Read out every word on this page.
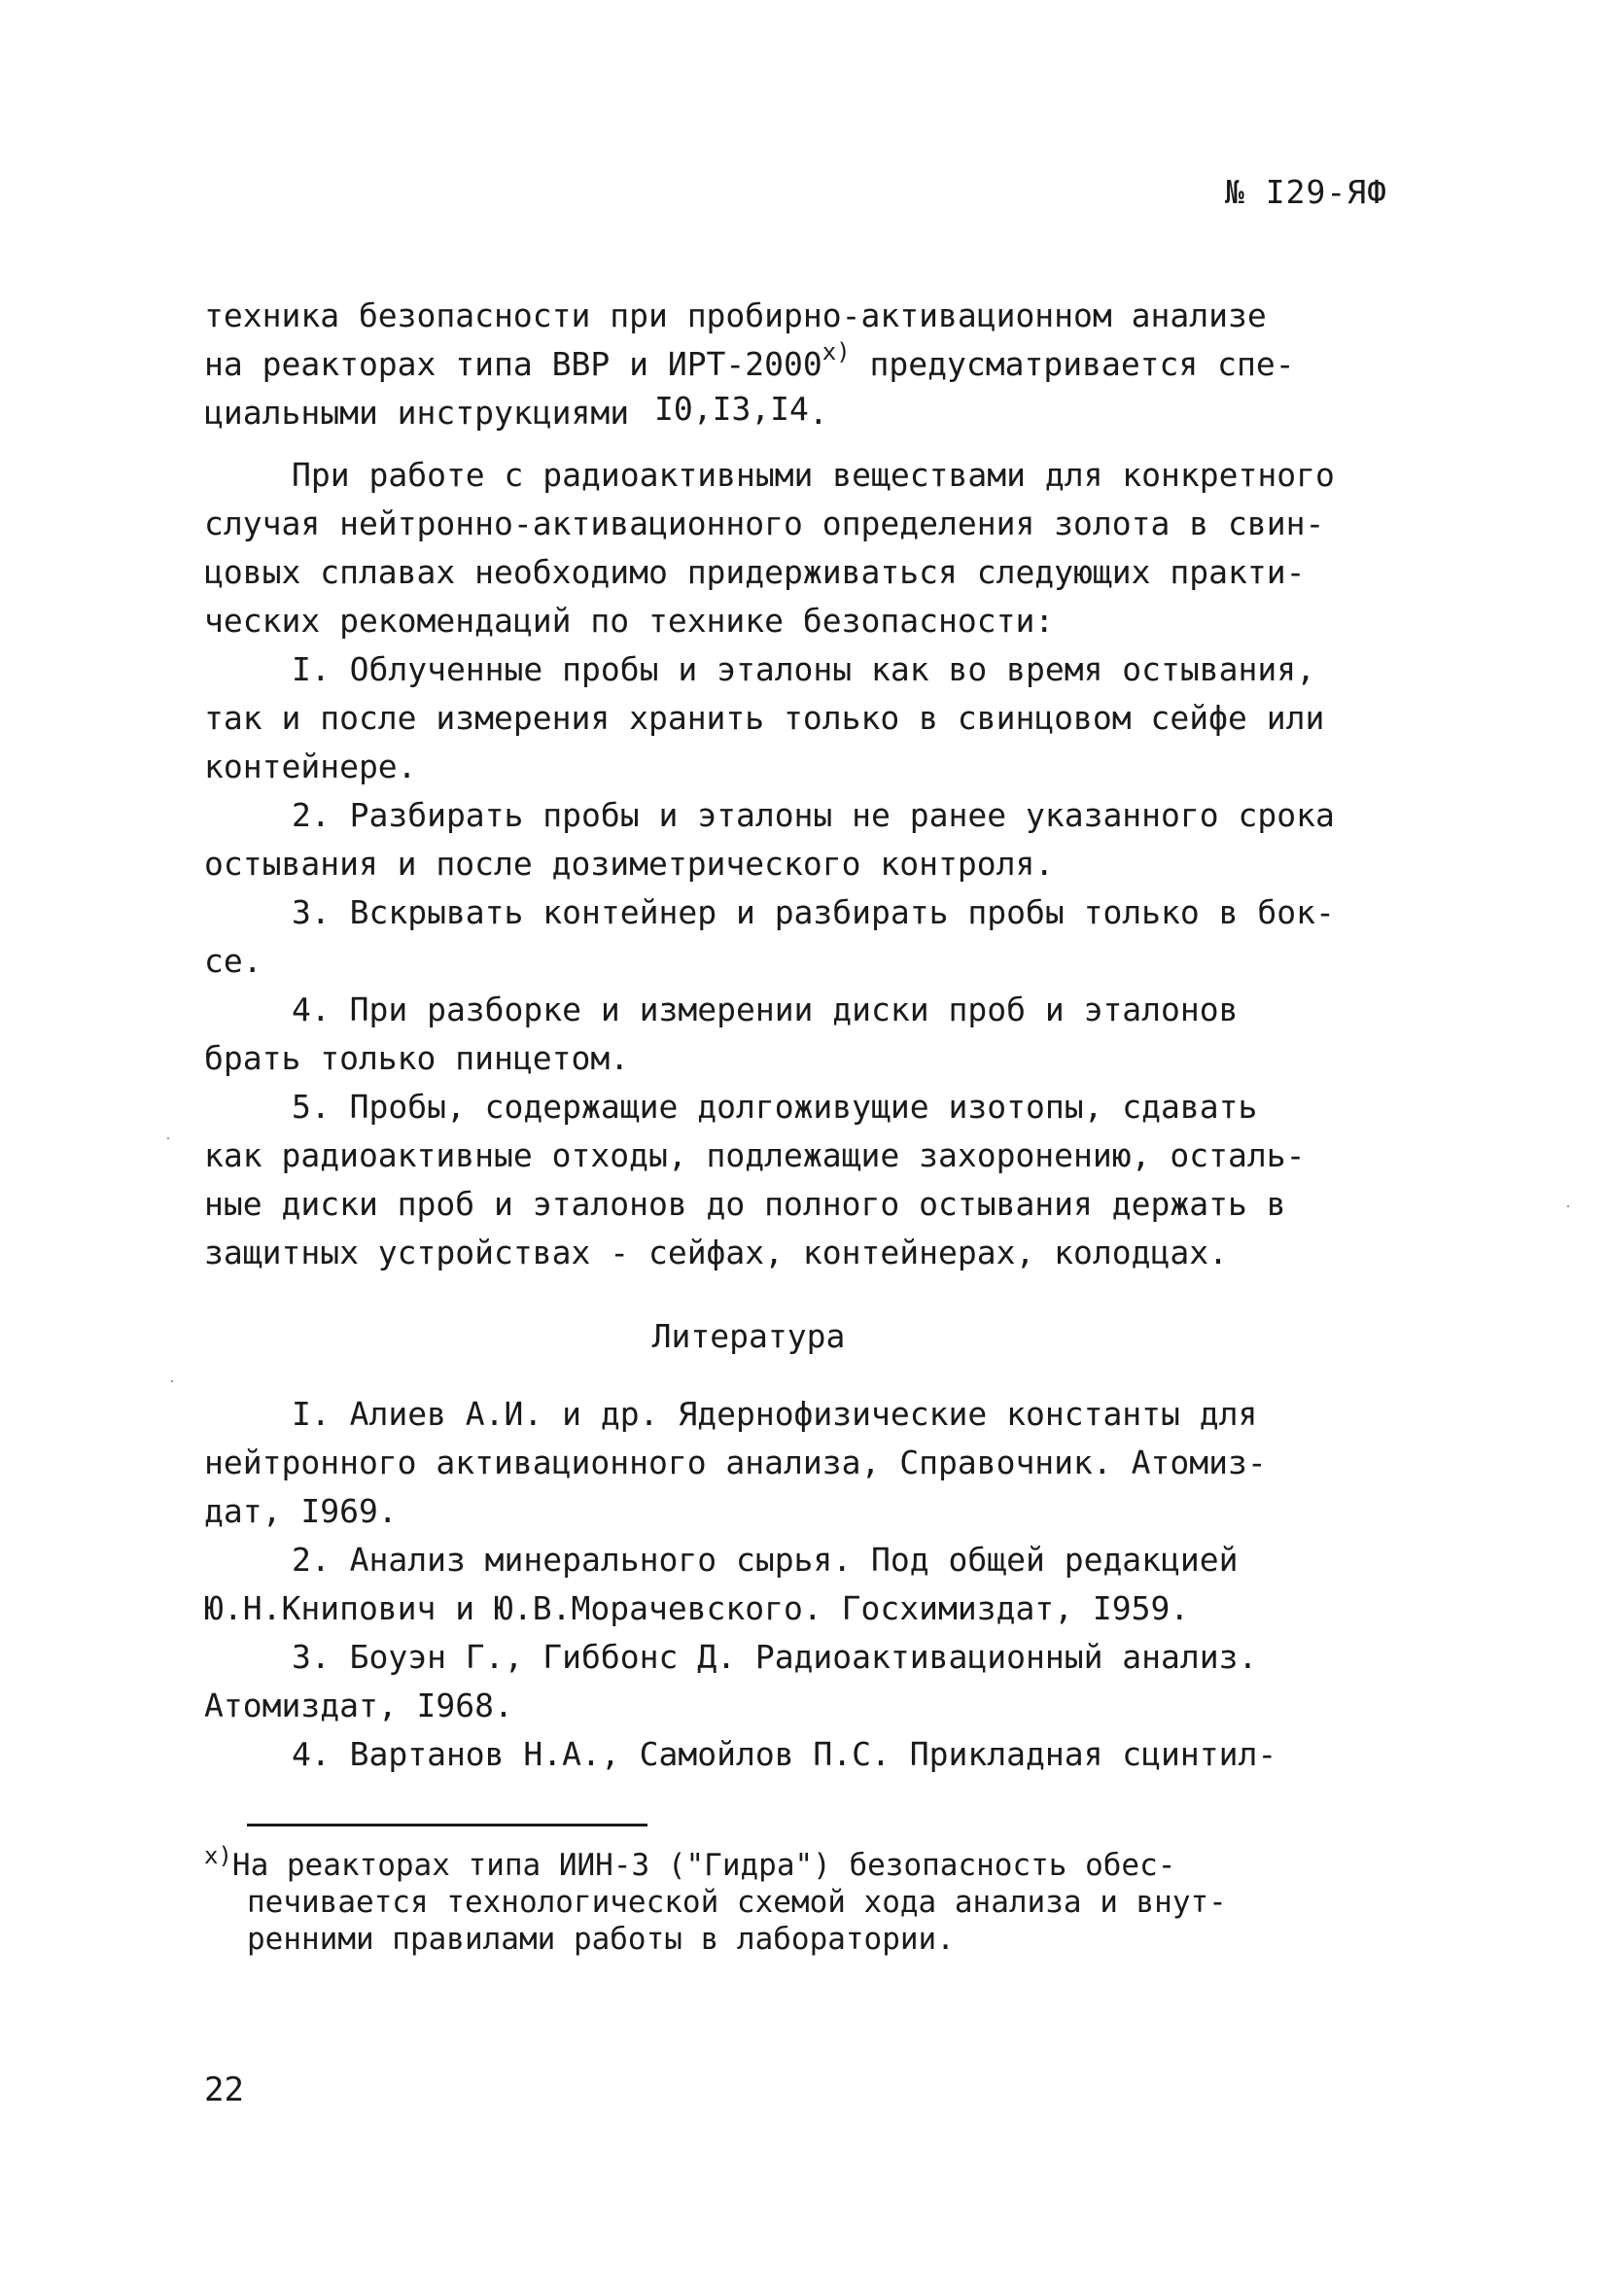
№ I29-ЯФ
техника безопасности при пробирно-активационном анализе
на реакторах типа ВВР и ИРТ-2000$^{x)}$ предусматривается спе-
циальными инструкциями I0,I3,I4.
При работе с радиоактивными веществами для конкретного
случая нейтронно-активационного определения золота в свин-
цовых сплавах необходимо придерживаться следующих практи-
ческих рекомендаций по технике безопасности:
I. Облученные пробы и эталоны как во время остывания,
так и после измерения хранить только в свинцовом сейфе или
контейнере.
2. Разбирать пробы и эталоны не ранее указанного срока
остывания и после дозиметрического контроля.
3. Вскрывать контейнер и разбирать пробы только в бок-
се.
4. При разборке и измерении диски проб и эталонов
брать только пинцетом.
5. Пробы, содержащие долгоживущие изотопы, сдавать
как радиоактивные отходы, подлежащие захоронению, осталь-
ные диски проб и эталонов до полного остывания держать в
защитных устройствах - сейфах, контейнерах, колодцах.
Литература
I. Алиев А.И. и др. Ядернофизические константы для
нейтронного активационного анализа, Справочник. Атомиз-
дат, I969.
2. Анализ минерального сырья. Под общей редакцией
Ю.Н.Книпович и Ю.В.Морачевского. Госхимиздат, I959.
3. Боуэн Г., Гиббонс Д. Радиоактивационный анализ.
Атомиздат, I968.
4. Вартанов Н.А., Самойлов П.С. Прикладная сцинтил-
$^{x)}$На реакторах типа ИИН-3 ("Гидра") безопасность обес-
печивается технологической схемой хода анализа и внут-
ренними правилами работы в лаборатории.
22
